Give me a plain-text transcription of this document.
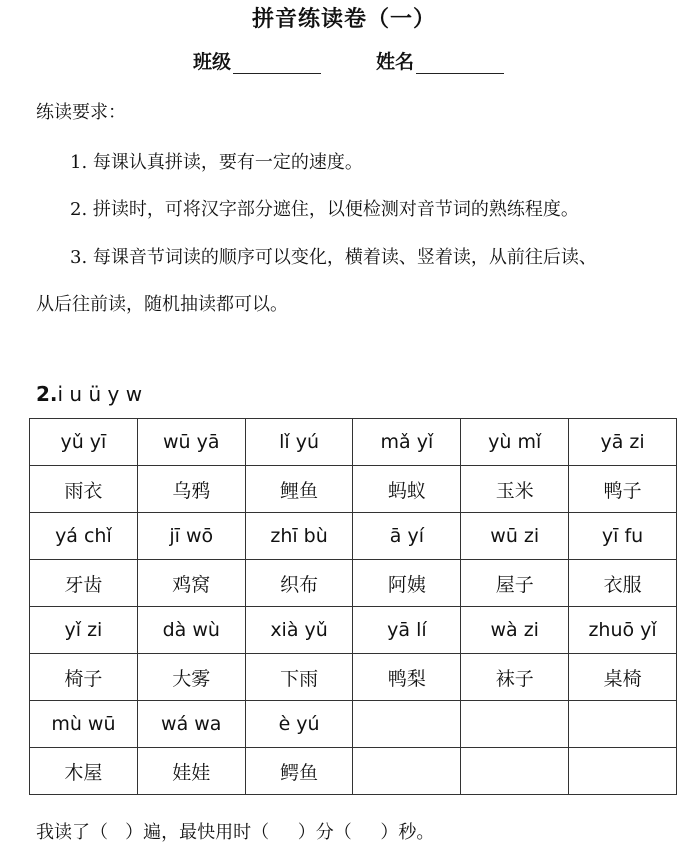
拼音练读卷（一）
班级	姓名
练读要求：
1. 每课认真拼读，要有一定的速度。
2. 拼读时，可将汉字部分遮住，以便检测对音节词的熟练程度。
3. 每课音节词读的顺序可以变化，横着读、竖着读，从前往后读、
从后往前读，随机抽读都可以。
2.i u ü y w
yǔ yī	wū yā	lǐ yú	mǎ yǐ	yù mǐ	yā zi
雨衣	乌鸦	鲤鱼	蚂蚁	玉米	鸭子
yá chǐ	jī wō	zhī bù	ā yí	wū zi	yī fu
牙齿	鸡窝	织布	阿姨	屋子	衣服
yǐ zi	dà wù	xià yǔ	yā lí	wà zi	zhuō yǐ
椅子	大雾	下雨	鸭梨	袜子	桌椅
mù wū	wá wa	è yú			
木屋	娃娃	鳄鱼			
我读了（   ）遍，最快用时（     ）分（     ）秒。
